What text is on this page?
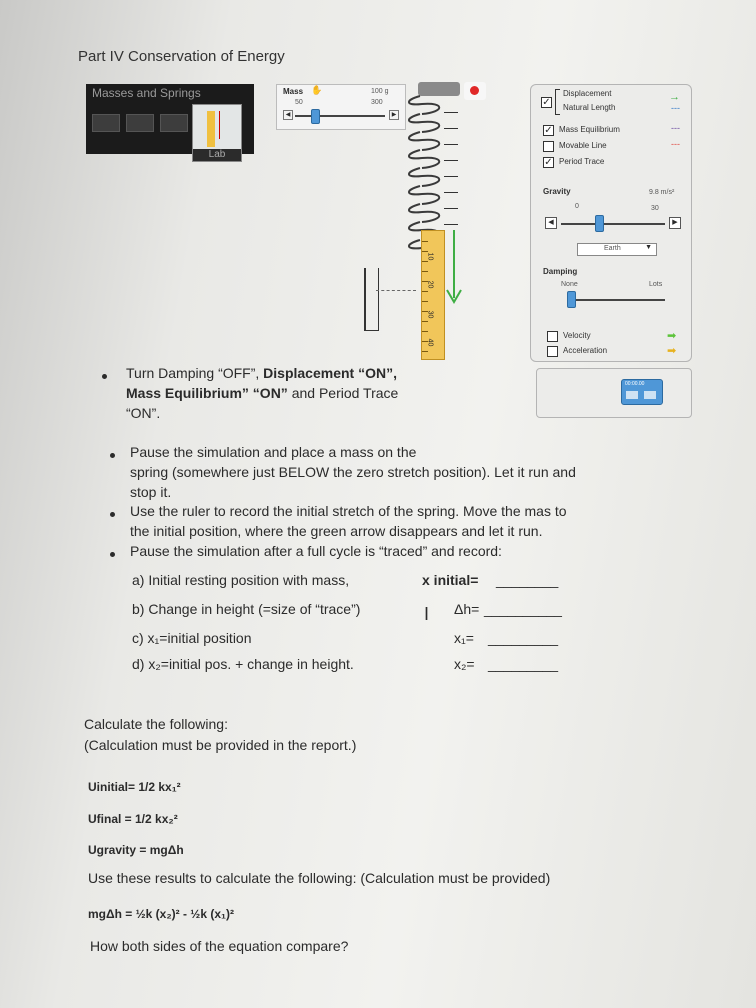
Part IV Conservation of Energy
Masses and Springs
Lab
Mass ✋	100 g
50	300
◀	▶
10
20
30
40
✓
Displacement
Natural Length
→
---
✓ Mass Equilibrium	---
Movable Line	---
✓ Period Trace
Gravity	9.8 m/s²
0	30
◀	▶
Earth	▼
Damping
None	Lots
Velocity	➡
Acceleration	➡
00:00.00
Turn Damping “OFF”, Displacement “ON”,
Mass Equilibrium” “ON” and Period Trace
“ON”.
Pause the simulation and place a mass on the
spring (somewhere just BELOW the zero stretch position). Let it run and
stop it.
Use the ruler to record the initial stretch of the spring. Move the mas to
the initial position, where the green arrow disappears and let it run.
Pause the simulation after a full cycle is “traced” and record:
a) Initial resting position with mass,	x initial= ________
b) Change in height (=size of “trace”)	I Δh= __________
c) x₁=initial position	x₁= _________
d) x₂=initial pos. + change in height.	x₂= _________
Calculate the following:
(Calculation must be provided in the report.)
Uinitial= 1/2 kx₁²
Ufinal = 1/2 kx₂²
Ugravity = mgΔh
Use these results to calculate the following: (Calculation must be provided)
mgΔh = ½k (x₂)² - ½k (x₁)²
How both sides of the equation compare?
